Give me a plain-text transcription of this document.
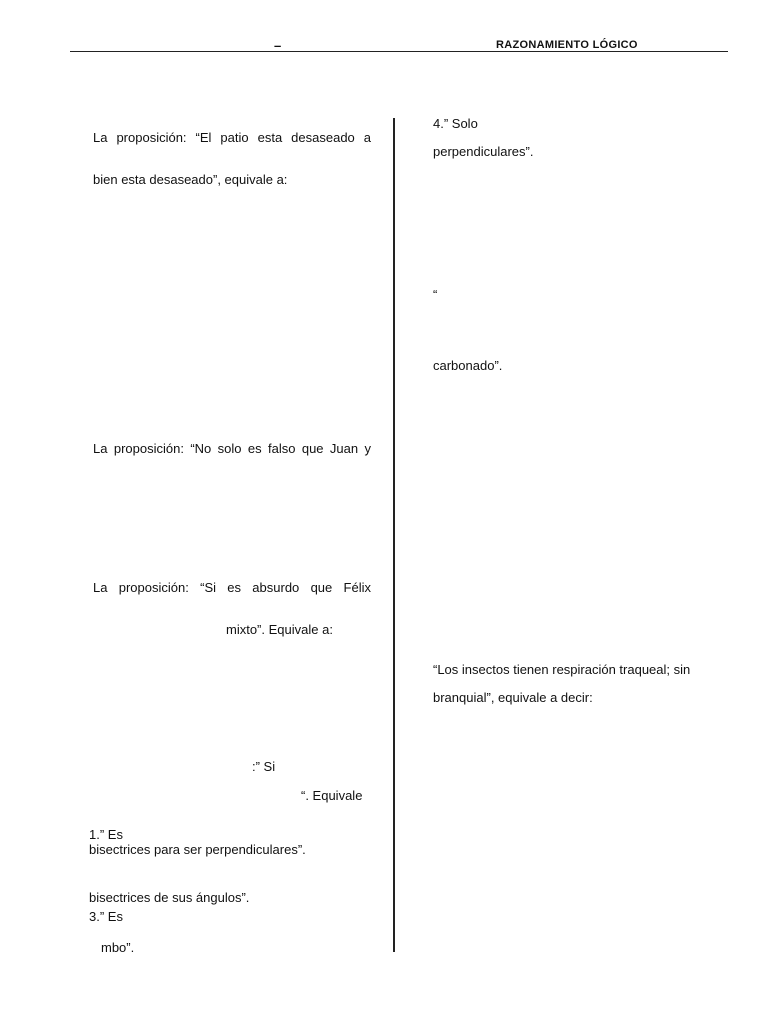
–	RAZONAMIENTO LÓGICO
La proposición: “El patio esta desaseado a
bien esta desaseado”, equivale a:
La proposición: “No solo es falso que Juan y
La proposición: “Si es absurdo que Félix
mixto”. Equivale a:
:” Si
“. Equivale
1.” Es
bisectrices para ser perpendiculares”.
bisectrices de sus ángulos”.
3.” Es
mbo”.
4.” Solo
perpendiculares”.
“
carbonado”.
“Los insectos tienen respiración traqueal; sin
branquial”, equivale a decir:
